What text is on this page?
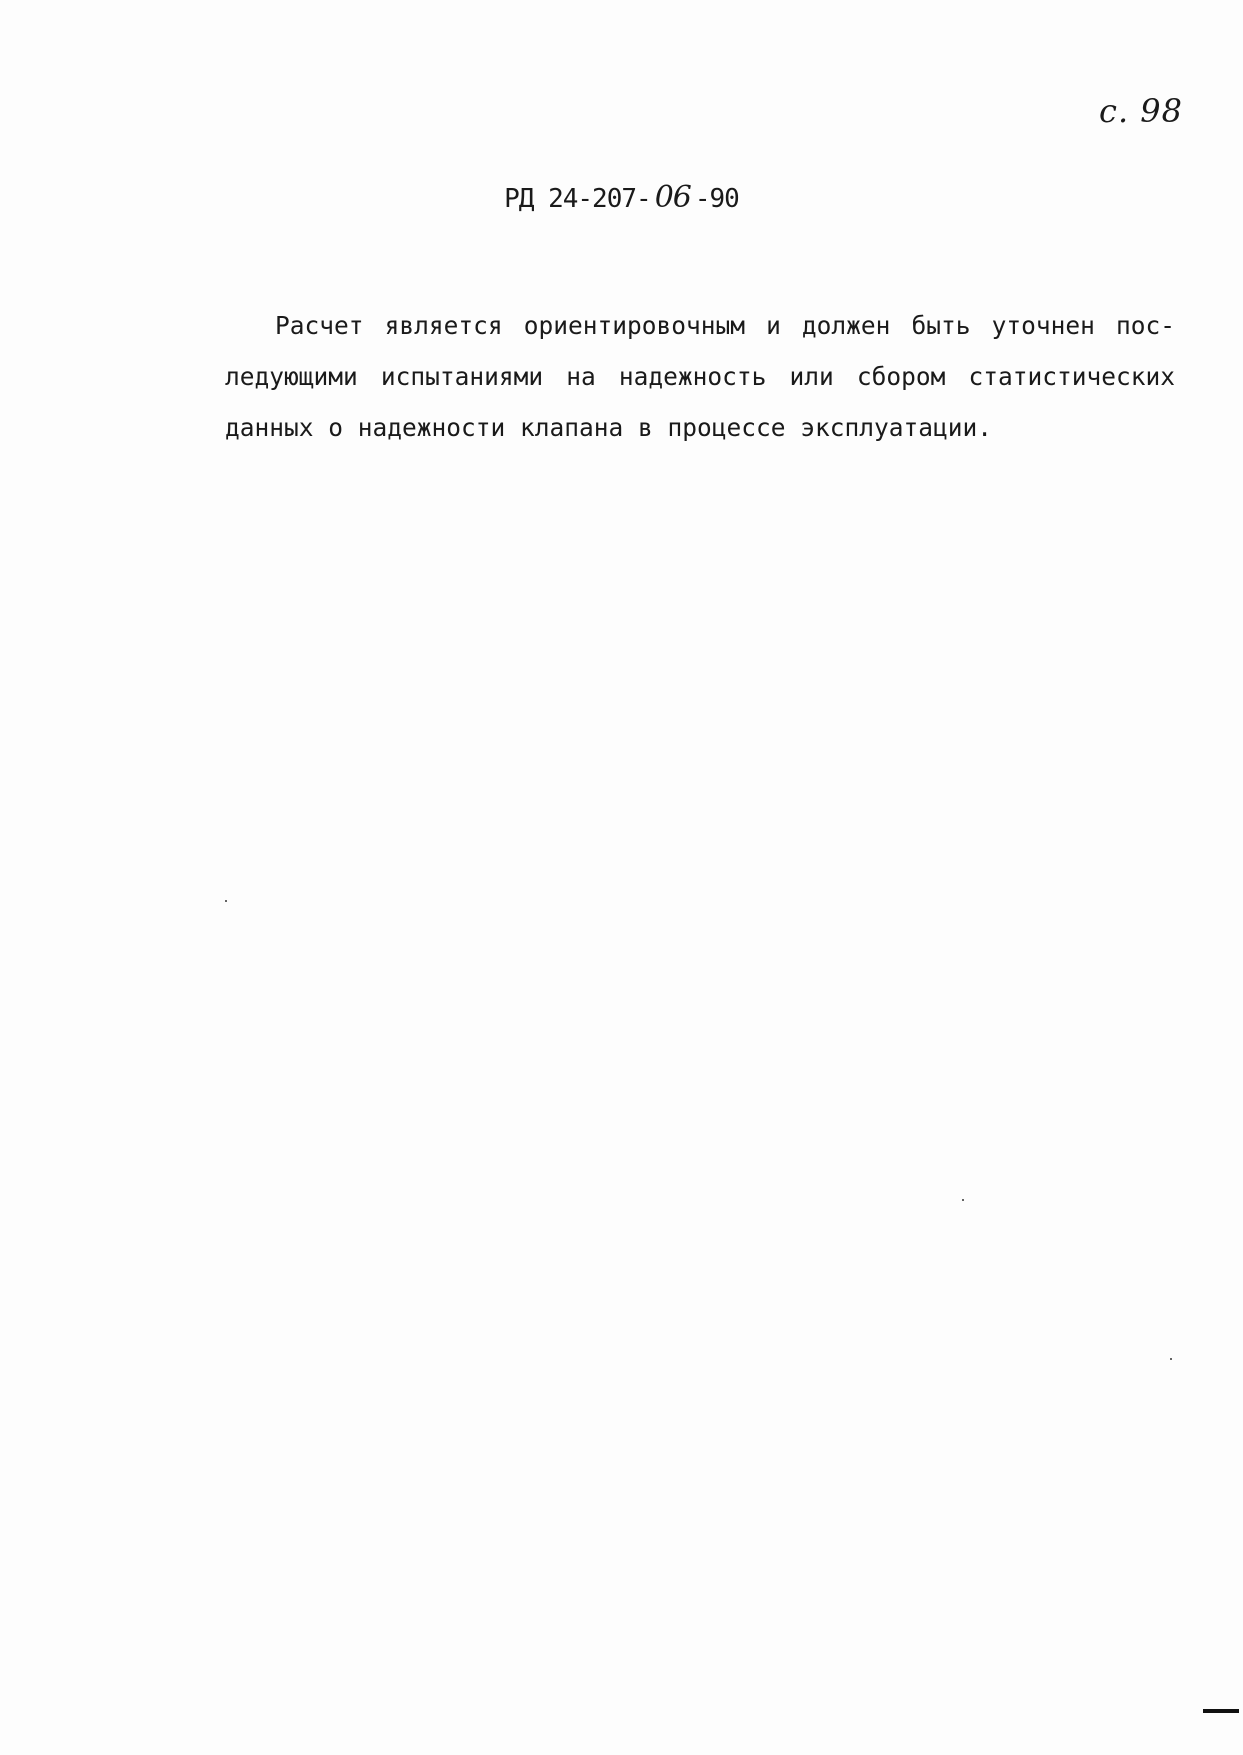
с. 98
РД 24-207- 06 -90
Расчет является ориентировочным и должен быть уточнен пос-
ледующими испытаниями на надежность или сбором статистических
данных о надежности клапана в процессе эксплуатации.
